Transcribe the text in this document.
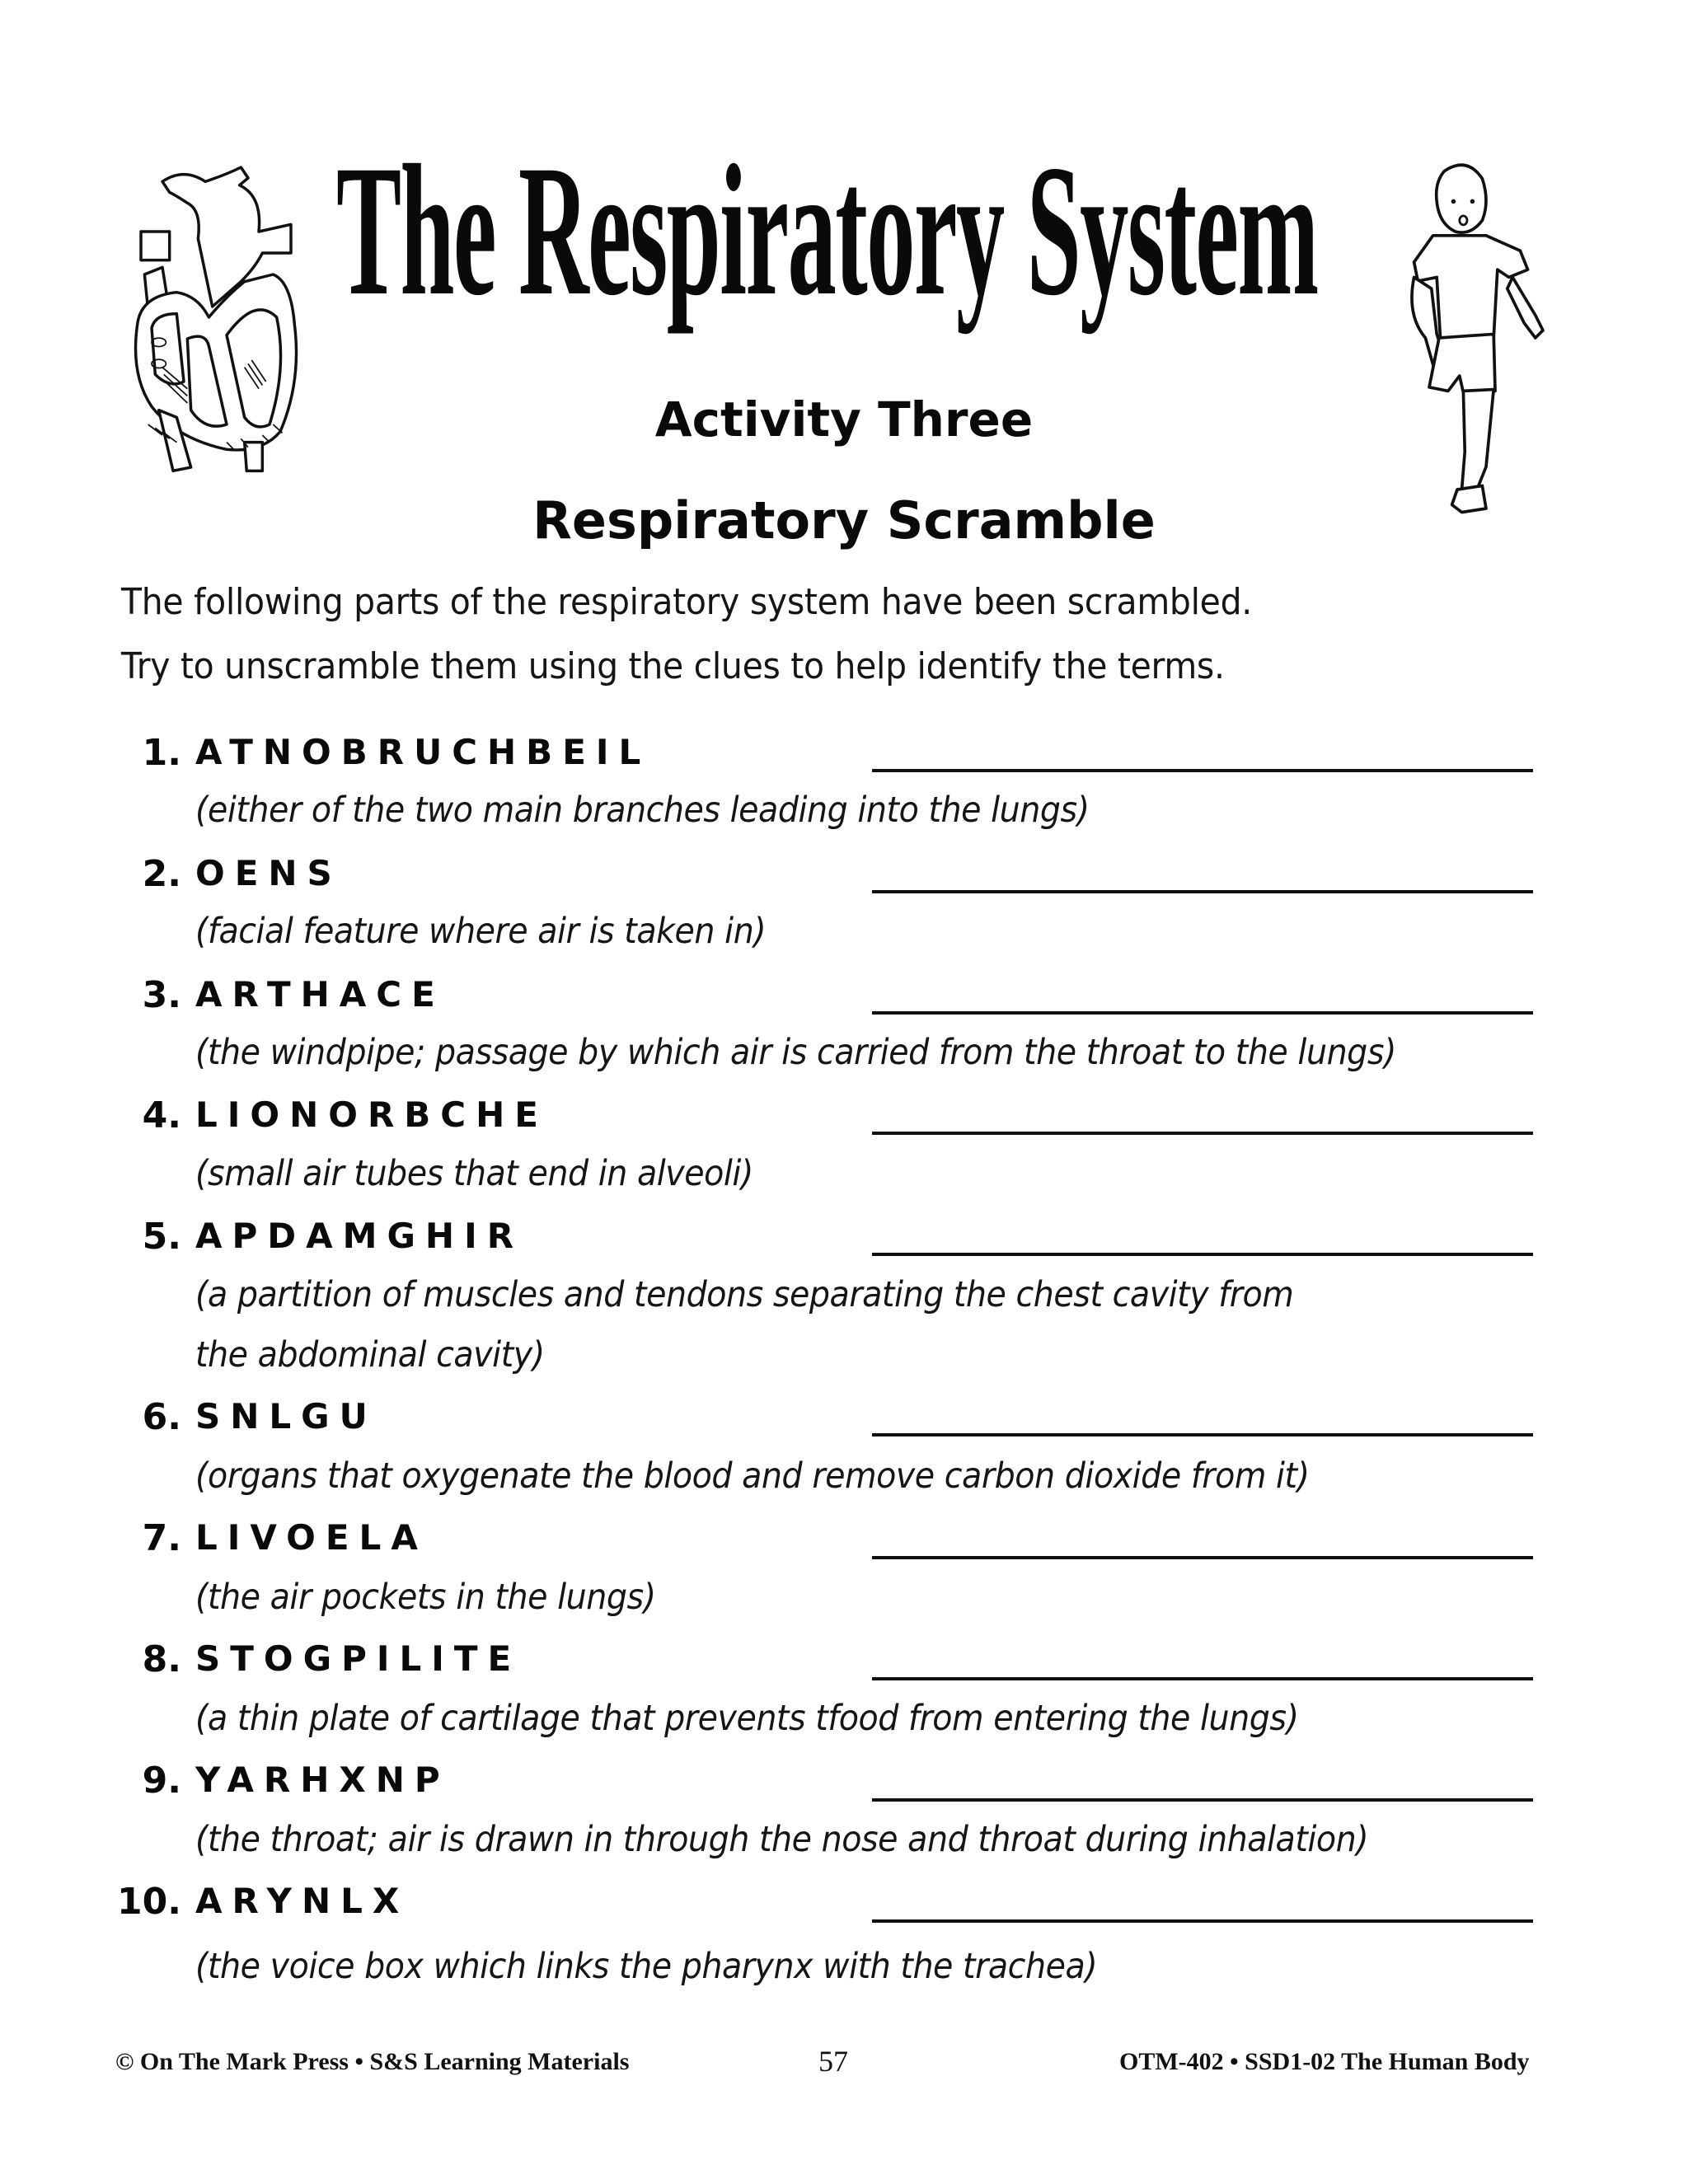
The Respiratory System
Activity Three
Respiratory Scramble
The following parts of the respiratory system have been scrambled.
Try to unscramble them using the clues to help identify the terms.
1. ATNOBRUCHBEIL
(either of the two main branches leading into the lungs)
2. OENS
(facial feature where air is taken in)
3. ARTHACE
(the windpipe; passage by which air is carried from the throat to the lungs)
4. LIONORBCHE
(small air tubes that end in alveoli)
5. APDAMGHIR
(a partition of muscles and tendons separating the chest cavity from
the abdominal cavity)
6. SNLGU
(organs that oxygenate the blood and remove carbon dioxide from it)
7. LIVOELA
(the air pockets in the lungs)
8. STOGPILITE
(a thin plate of cartilage that prevents tfood from entering the lungs)
9. YARHXNP
(the throat; air is drawn in through the nose and throat during inhalation)
10. ARYNLX
(the voice box which links the pharynx with the trachea)
© On The Mark Press • S&S Learning Materials	57	OTM-402 • SSD1-02 The Human Body
